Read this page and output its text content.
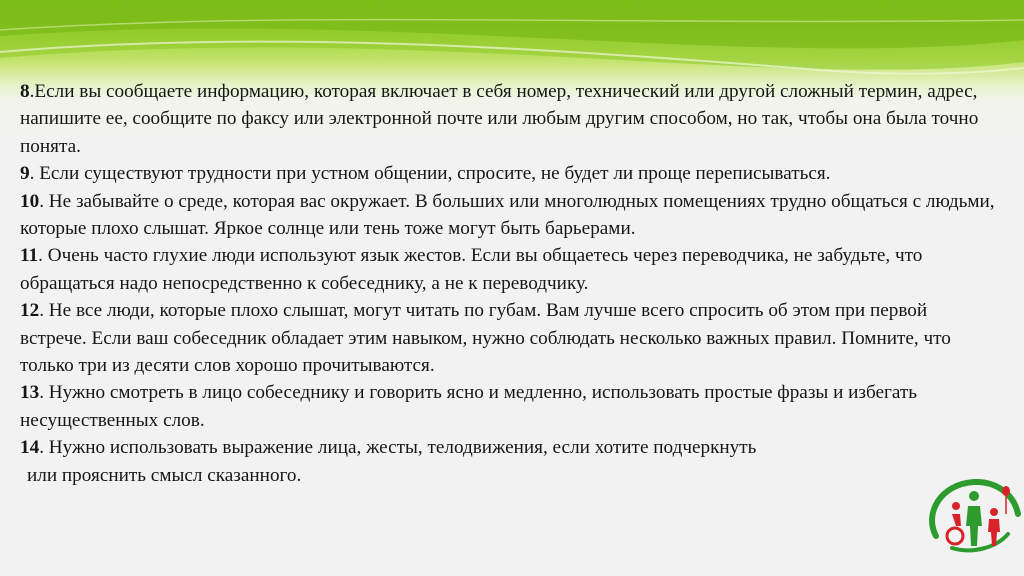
8.Если вы сообщаете информацию, которая включает в себя номер, технический или другой сложный термин, адрес, напишите ее, сообщите по факсу или электронной почте или любым другим способом, но так, чтобы она была точно понята.

9. Если существуют трудности при устном общении, спросите, не будет ли проще переписываться.

10. Не забывайте о среде, которая вас окружает. В больших или многолюдных помещениях трудно общаться с людьми, которые плохо слышат. Яркое солнце или тень тоже могут быть барьерами.

11. Очень часто глухие люди используют язык жестов. Если вы общаетесь через переводчика, не забудьте, что обращаться надо непосредственно к собеседнику, а не к переводчику.

12. Не все люди, которые плохо слышат, могут читать по губам. Вам лучше всего спросить об этом при первой встрече. Если ваш собеседник обладает этим навыком, нужно соблюдать несколько важных правил. Помните, что только три из десяти слов хорошо прочитываются.

13. Нужно смотреть в лицо собеседнику и говорить ясно и медленно, использовать простые фразы и избегать несущественных слов.

14. Нужно использовать выражение лица, жесты, телодвижения, если хотите подчеркнуть

или прояснить смысл сказанного.
